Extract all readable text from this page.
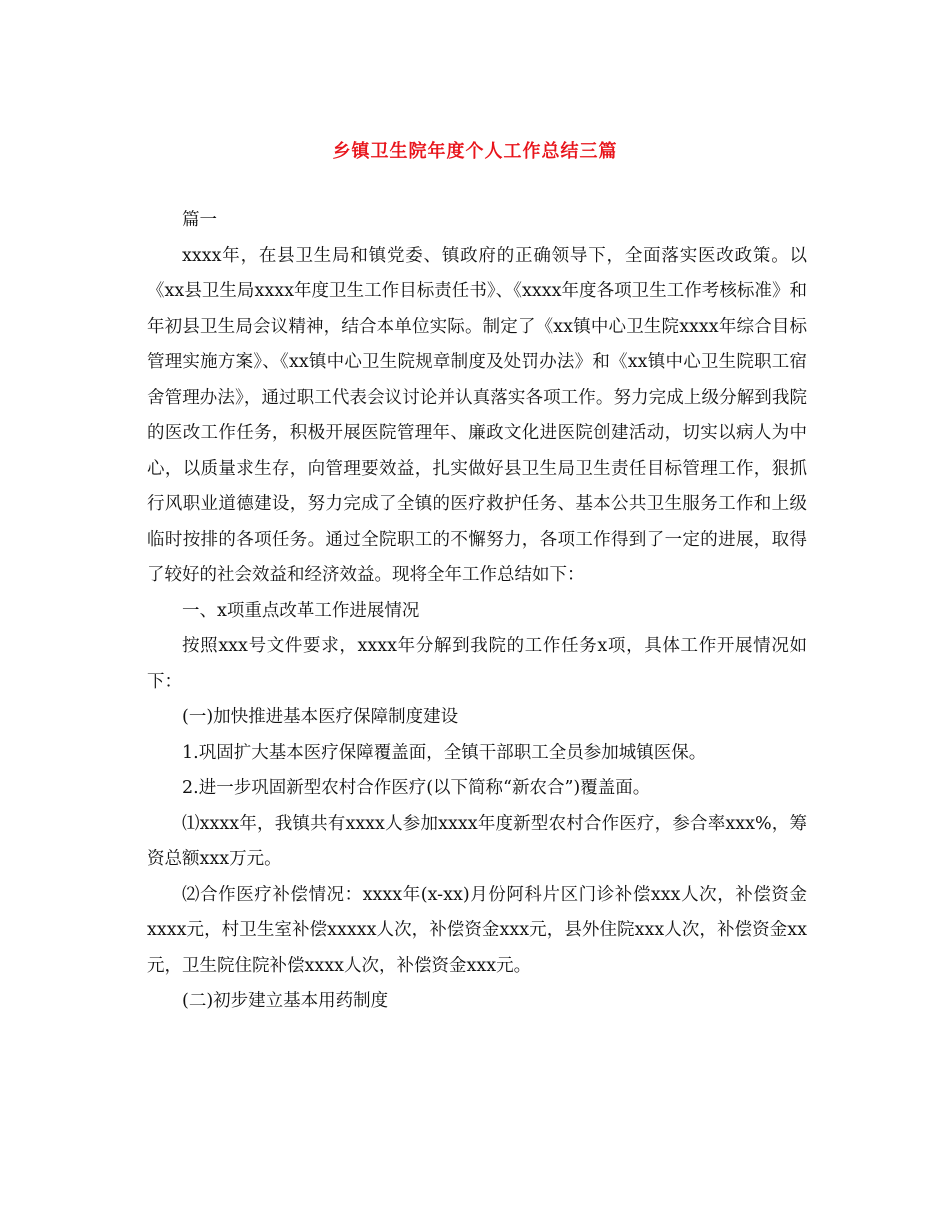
乡镇卫生院年度个人工作总结三篇

篇一

xxxx年，在县卫生局和镇党委、镇政府的正确领导下，全面落实医改政策。以《xx县卫生局xxxx年度卫生工作目标责任书》、《xxxx年度各项卫生工作考核标准》和年初县卫生局会议精神，结合本单位实际。制定了《xx镇中心卫生院xxxx年综合目标管理实施方案》、《xx镇中心卫生院规章制度及处罚办法》和《xx镇中心卫生院职工宿舍管理办法》，通过职工代表会议讨论并认真落实各项工作。努力完成上级分解到我院的医改工作任务，积极开展医院管理年、廉政文化进医院创建活动，切实以病人为中心，以质量求生存，向管理要效益，扎实做好县卫生局卫生责任目标管理工作，狠抓行风职业道德建设，努力完成了全镇的医疗救护任务、基本公共卫生服务工作和上级临时按排的各项任务。通过全院职工的不懈努力，各项工作得到了一定的进展，取得了较好的社会效益和经济效益。现将全年工作总结如下：

一、x项重点改革工作进展情况

按照xxx号文件要求，xxxx年分解到我院的工作任务x项，具体工作开展情况如下：

(一)加快推进基本医疗保障制度建设

1.巩固扩大基本医疗保障覆盖面，全镇干部职工全员参加城镇医保。

2.进一步巩固新型农村合作医疗(以下简称“新农合”)覆盖面。

⑴xxxx年，我镇共有xxxx人参加xxxx年度新型农村合作医疗，参合率xxx%，筹资总额xxx万元。

⑵合作医疗补偿情况：xxxx年(x-xx)月份阿科片区门诊补偿xxx人次，补偿资金xxxx元，村卫生室补偿xxxxx人次，补偿资金xxx元，县外住院xxx人次，补偿资金xx元，卫生院住院补偿xxxx人次，补偿资金xxx元。

(二)初步建立基本用药制度
